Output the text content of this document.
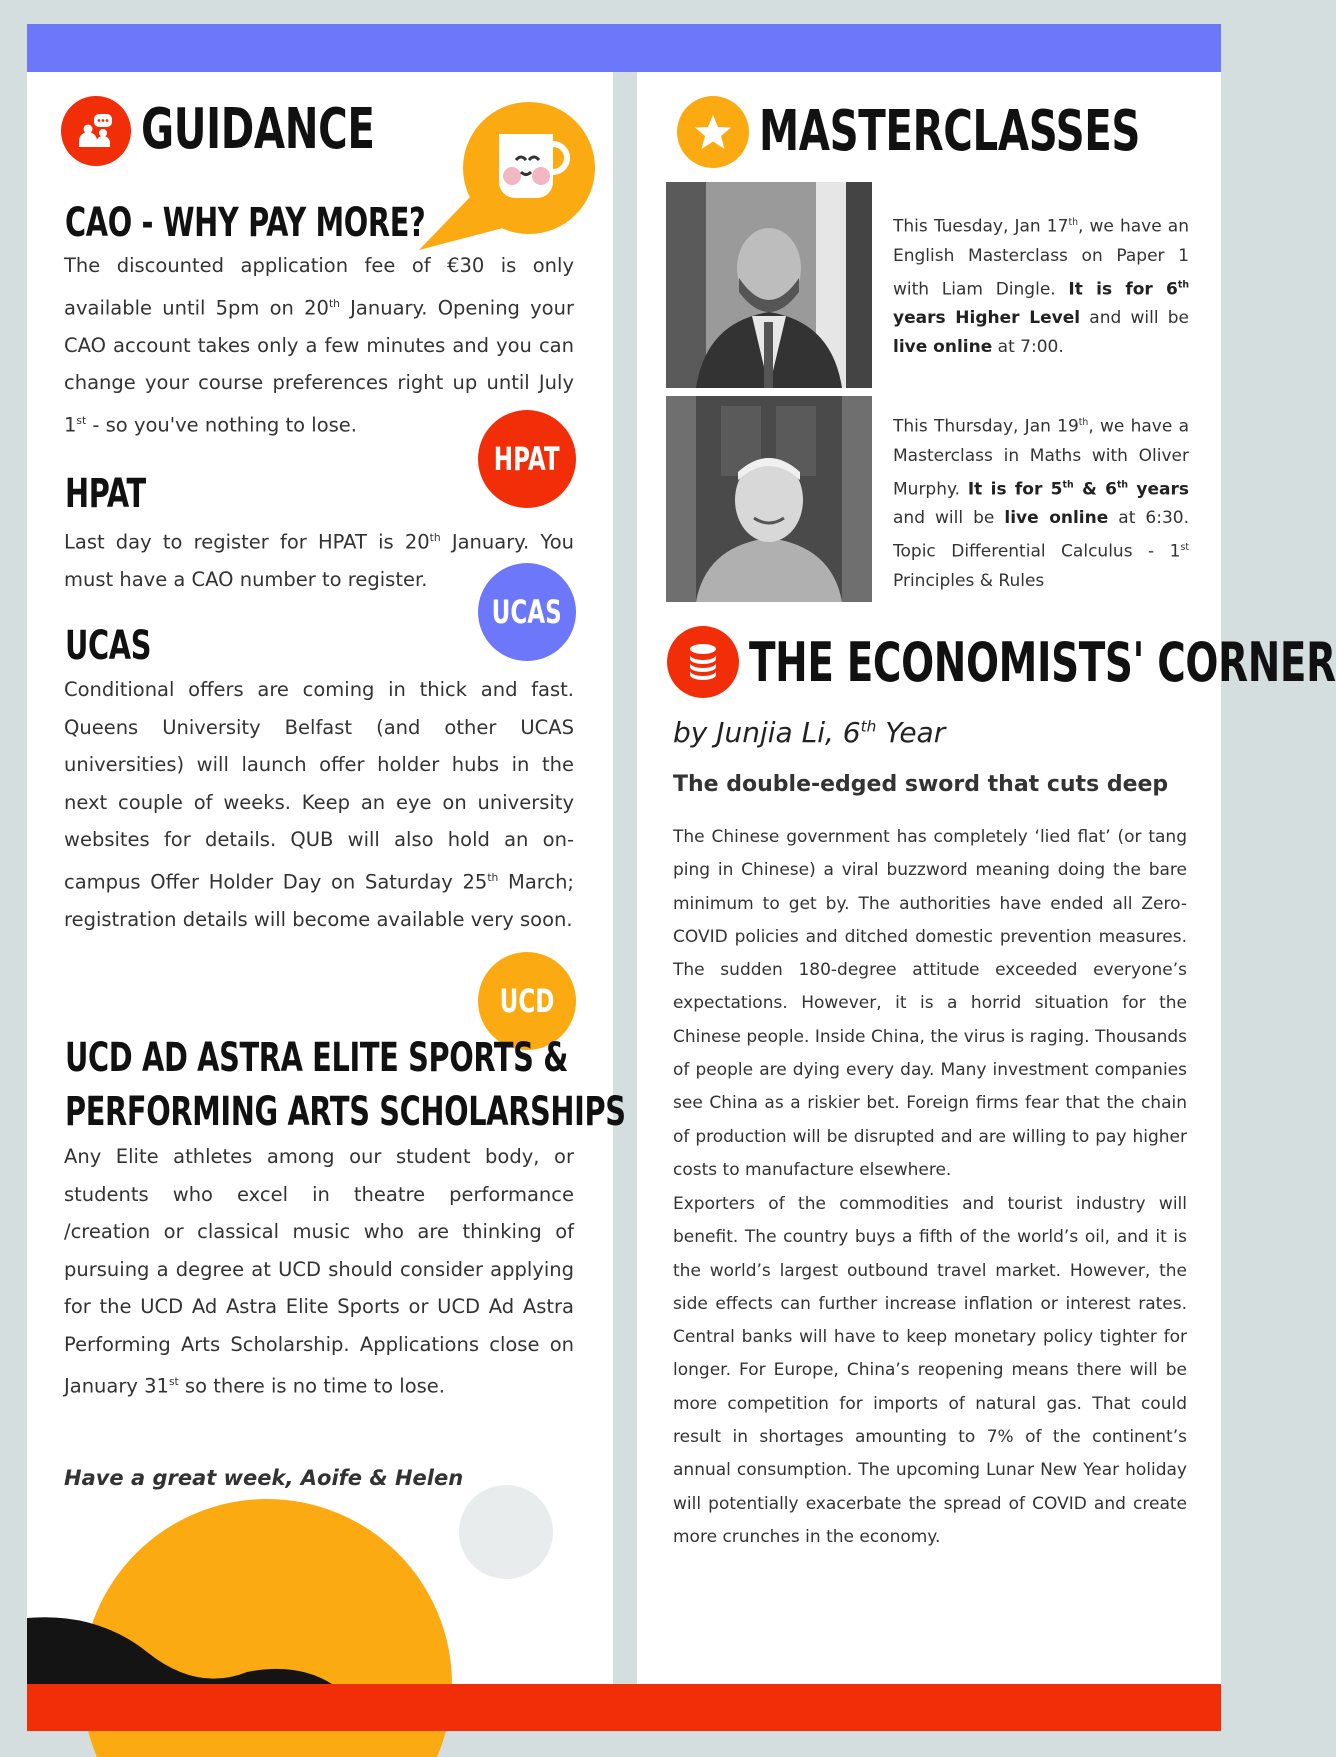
GUIDANCE
CAO - WHY PAY MORE?
The discounted application fee of €30 is only available until 5pm on 20th January. Opening your CAO account takes only a few minutes and you can change your course preferences right up until July 1st - so you've nothing to lose.
HPAT
HPAT
Last day to register for HPAT is 20th January. You must have a CAO number to register.
UCAS
UCAS
Conditional offers are coming in thick and fast. Queens University Belfast (and other UCAS universities) will launch offer holder hubs in the next couple of weeks. Keep an eye on university websites for details. QUB will also hold an on-campus Offer Holder Day on Saturday 25th March; registration details will become available very soon.
UCD
UCD AD ASTRA ELITE SPORTS &
PERFORMING ARTS SCHOLARSHIPS
Any Elite athletes among our student body, or students who excel in theatre performance /creation or classical music who are thinking of pursuing a degree at UCD should consider applying for the UCD Ad Astra Elite Sports or UCD Ad Astra Performing Arts Scholarship. Applications close on January 31st so there is no time to lose.
Have a great week, Aoife & Helen
MASTERCLASSES
This Tuesday, Jan 17th, we have an English Masterclass on Paper 1 with Liam Dingle. It is for 6th years Higher Level and will be live online at 7:00.
This Thursday, Jan 19th, we have a Masterclass in Maths with Oliver Murphy. It is for 5th & 6th years and will be live online at 6:30. Topic Differential Calculus - 1st Principles & Rules
THE ECONOMISTS' CORNER
by Junjia Li, 6th Year
The double-edged sword that cuts deep
The Chinese government has completely ‘lied flat’ (or tang ping in Chinese) a viral buzzword meaning doing the bare minimum to get by. The authorities have ended all Zero-COVID policies and ditched domestic prevention measures. The sudden 180-degree attitude exceeded everyone’s expectations. However, it is a horrid situation for the Chinese people. Inside China, the virus is raging. Thousands of people are dying every day. Many investment companies see China as a riskier bet. Foreign firms fear that the chain of production will be disrupted and are willing to pay higher costs to manufacture elsewhere.
Exporters of the commodities and tourist industry will benefit. The country buys a fifth of the world’s oil, and it is the world’s largest outbound travel market. However, the side effects can further increase inflation or interest rates. Central banks will have to keep monetary policy tighter for longer. For Europe, China’s reopening means there will be more competition for imports of natural gas. That could result in shortages amounting to 7% of the continent’s annual consumption. The upcoming Lunar New Year holiday will potentially exacerbate the spread of COVID and create more crunches in the economy.
